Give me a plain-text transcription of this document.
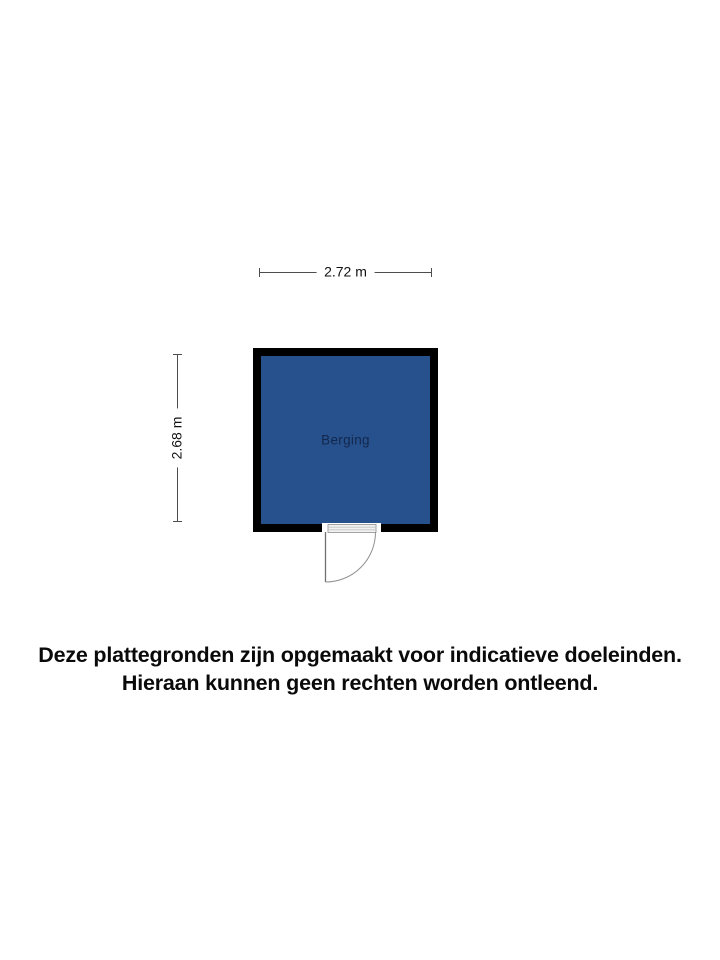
2.72 m
2.68 m	Berging
Deze plattegronden zijn opgemaakt voor indicatieve doeleinden.
Hieraan kunnen geen rechten worden ontleend.
